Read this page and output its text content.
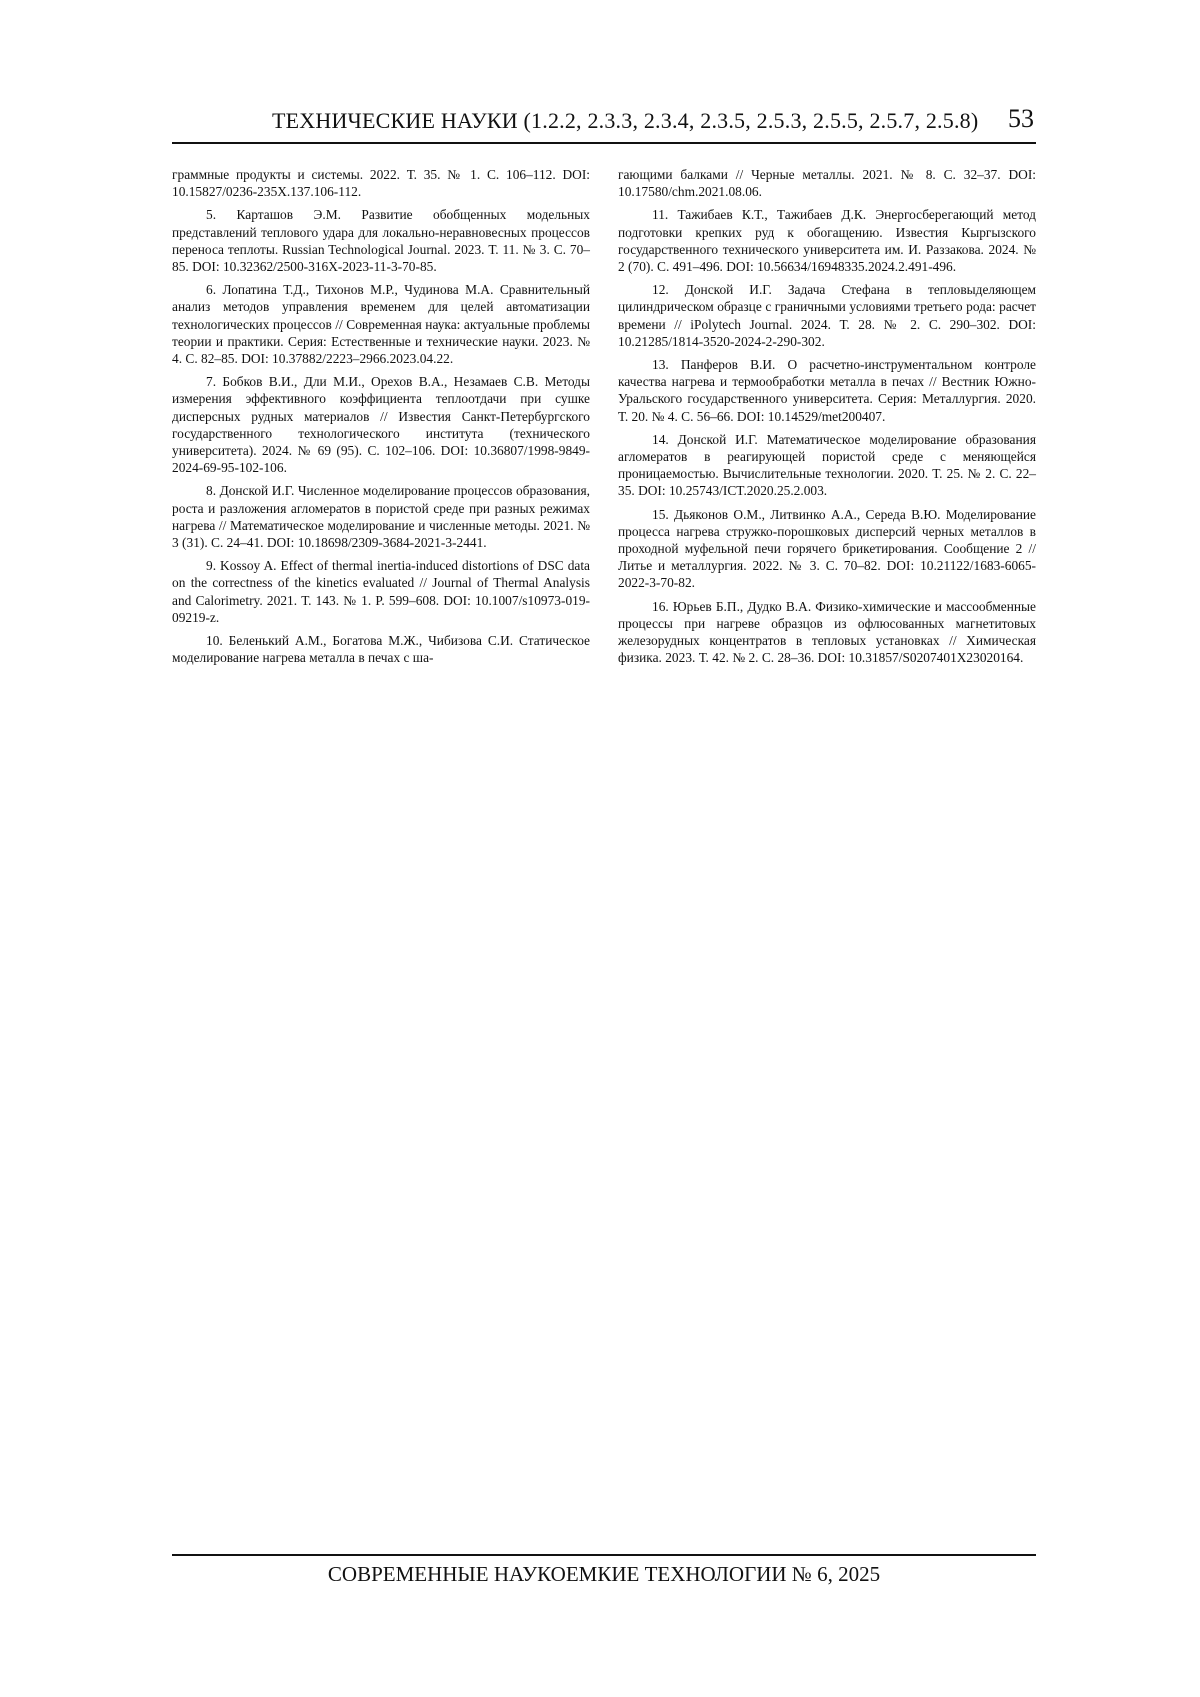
ТЕХНИЧЕСКИЕ НАУКИ (1.2.2, 2.3.3, 2.3.4, 2.3.5, 2.5.3, 2.5.5, 2.5.7, 2.5.8) 53

граммные продукты и системы. 2022. Т. 35. № 1. С. 106–112. DOI: 10.15827/0236-235X.137.106-112.

5. Карташов Э.М. Развитие обобщенных модельных представлений теплового удара для локально-неравновесных процессов переноса теплоты. Russian Technological Journal. 2023. Т. 11. № 3. С. 70–85. DOI: 10.32362/2500-316X-2023-11-3-70-85.

6. Лопатина Т.Д., Тихонов М.Р., Чудинова М.А. Сравнительный анализ методов управления временем для целей автоматизации технологических процессов // Современная наука: актуальные проблемы теории и практики. Серия: Естественные и технические науки. 2023. № 4. С. 82–85. DOI: 10.37882/2223–2966.2023.04.22.

7. Бобков В.И., Дли М.И., Орехов В.А., Незамаев С.В. Методы измерения эффективного коэффициента теплоотдачи при сушке дисперсных рудных материалов // Известия Санкт-Петербургского государственного технологического института (технического университета). 2024. № 69 (95). С. 102–106. DOI: 10.36807/1998-9849-2024-69-95-102-106.

8. Донской И.Г. Численное моделирование процессов образования, роста и разложения агломератов в пористой среде при разных режимах нагрева // Математическое моделирование и численные методы. 2021. № 3 (31). С. 24–41. DOI: 10.18698/2309-3684-2021-3-2441.

9. Kossoy A. Effect of thermal inertia-induced distortions of DSC data on the correctness of the kinetics evaluated // Journal of Thermal Analysis and Calorimetry. 2021. Т. 143. № 1. P. 599–608. DOI: 10.1007/s10973-019-09219-z.

10. Беленький А.М., Богатова М.Ж., Чибизова С.И. Статическое моделирование нагрева металла в печах с ша-

гающими балками // Черные металлы. 2021. № 8. С. 32–37. DOI: 10.17580/chm.2021.08.06.

11. Тажибаев К.Т., Тажибаев Д.К. Энергосберегающий метод подготовки крепких руд к обогащению. Известия Кыргызского государственного технического университета им. И. Раззакова. 2024. № 2 (70). С. 491–496. DOI: 10.56634/16948335.2024.2.491-496.

12. Донской И.Г. Задача Стефана в тепловыделяющем цилиндрическом образце с граничными условиями третьего рода: расчет времени // iPolytech Journal. 2024. Т. 28. № 2. С. 290–302. DOI: 10.21285/1814-3520-2024-2-290-302.

13. Панферов В.И. О расчетно-инструментальном контроле качества нагрева и термообработки металла в печах // Вестник Южно-Уральского государственного университета. Серия: Металлургия. 2020. Т. 20. № 4. С. 56–66. DOI: 10.14529/met200407.

14. Донской И.Г. Математическое моделирование образования агломератов в реагирующей пористой среде с меняющейся проницаемостью. Вычислительные технологии. 2020. Т. 25. № 2. С. 22–35. DOI: 10.25743/ICT.2020.25.2.003.

15. Дьяконов О.М., Литвинко А.А., Середа В.Ю. Моделирование процесса нагрева стружко-порошковых дисперсий черных металлов в проходной муфельной печи горячего брикетирования. Сообщение 2 // Литье и металлургия. 2022. № 3. С. 70–82. DOI: 10.21122/1683-6065-2022-3-70-82.

16. Юрьев Б.П., Дудко В.А. Физико-химические и массообменные процессы при нагреве образцов из офлюсованных магнетитовых железорудных концентратов в тепловых установках // Химическая физика. 2023. Т. 42. № 2. С. 28–36. DOI: 10.31857/S0207401X23020164.

СОВРЕМЕННЫЕ НАУКОЕМКИЕ ТЕХНОЛОГИИ № 6, 2025
